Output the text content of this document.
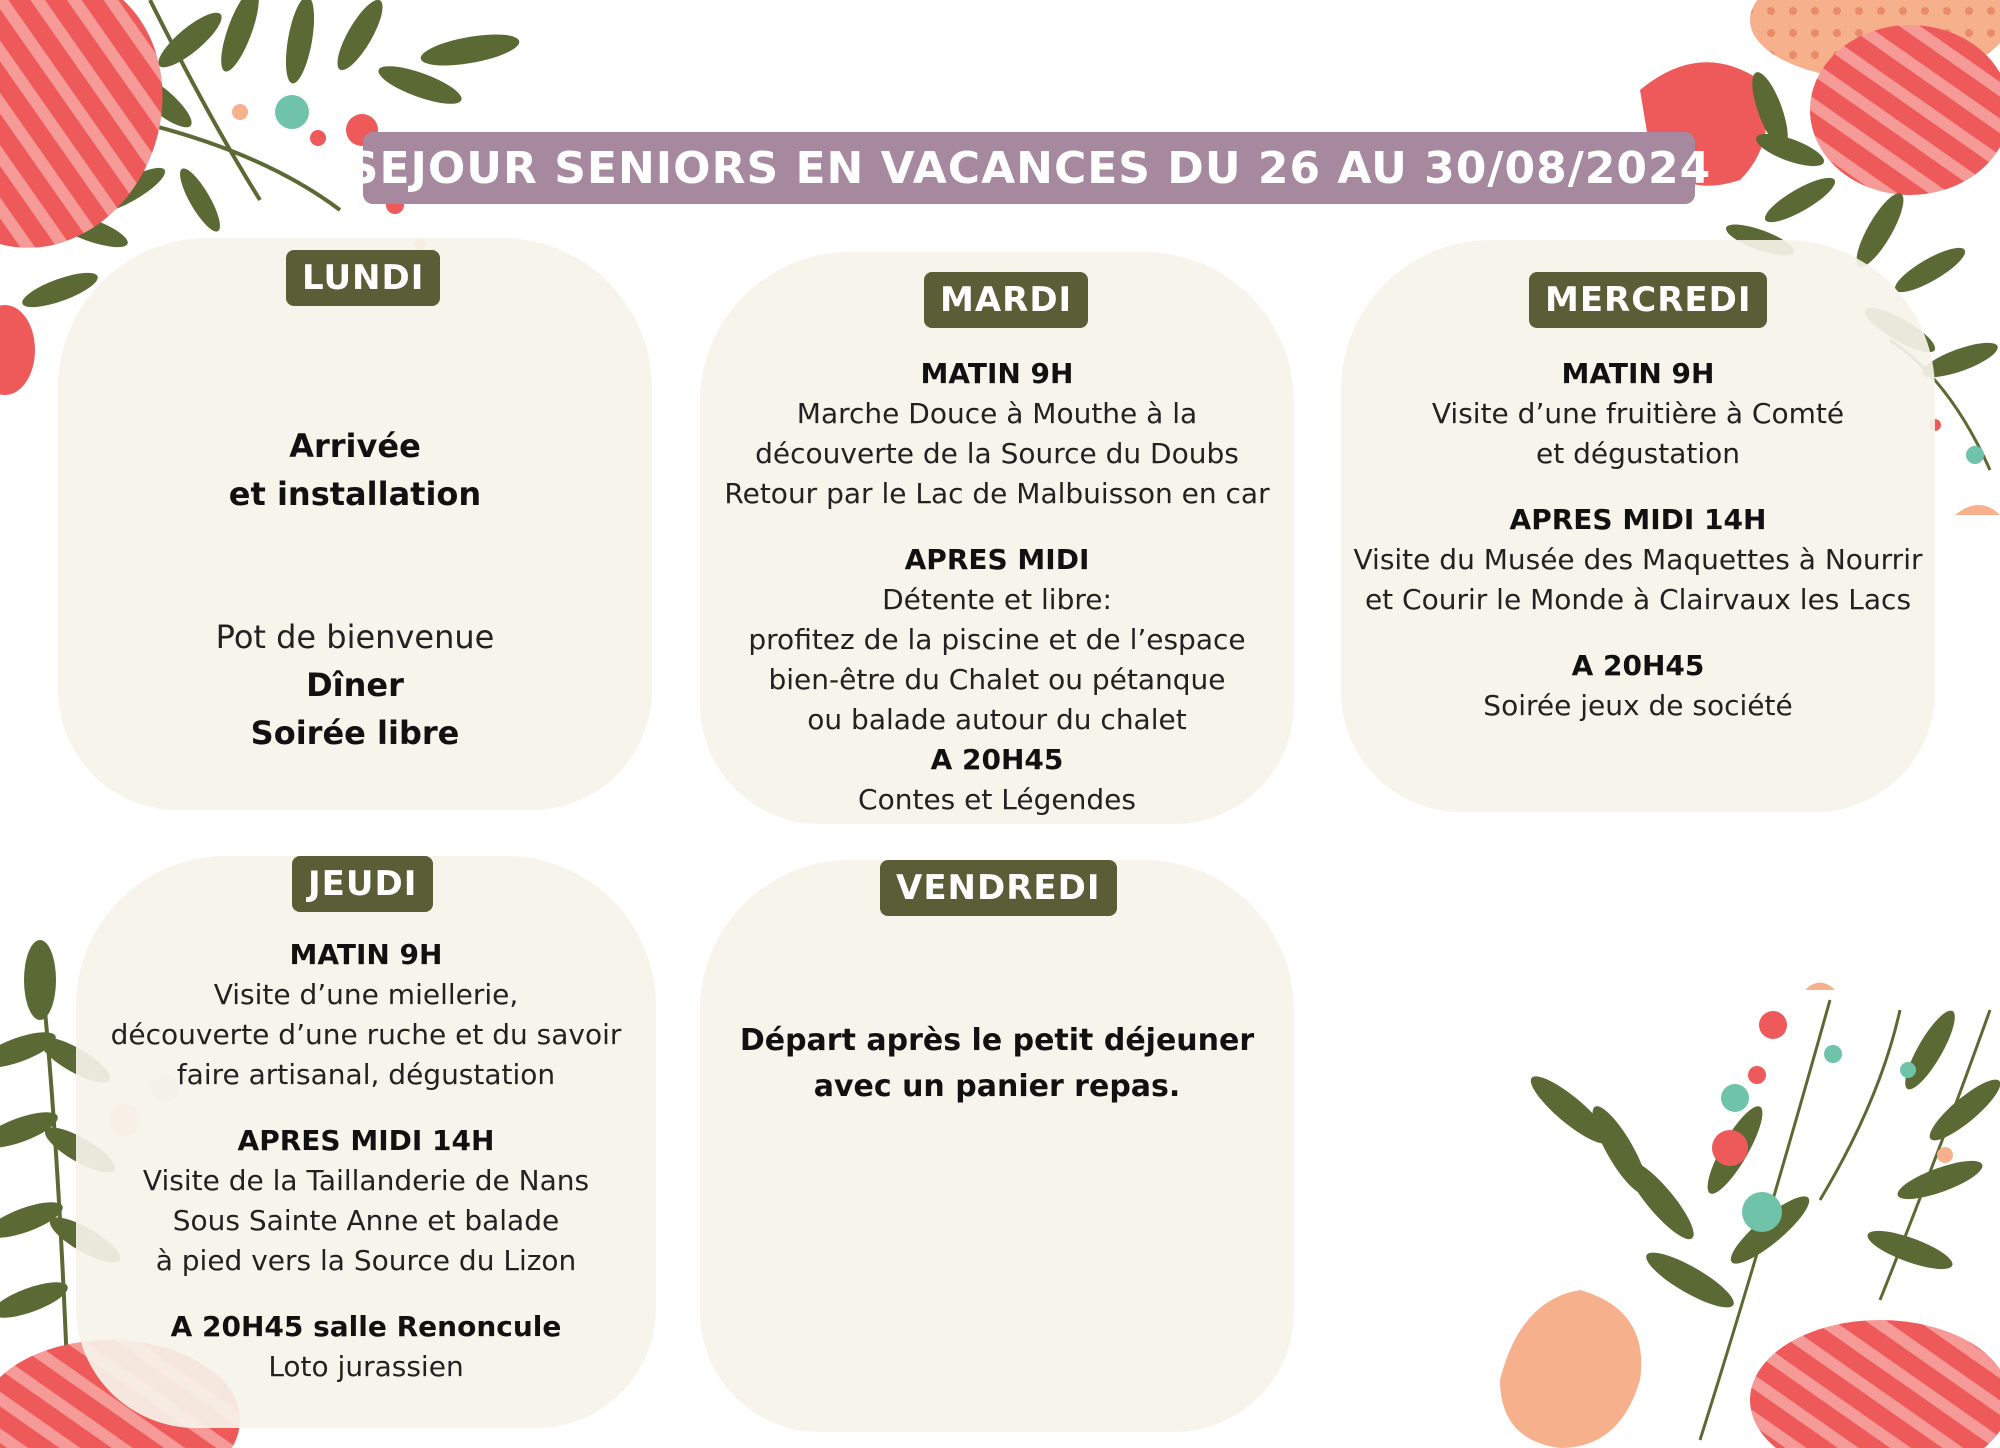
SEJOUR SENIORS EN VACANCES DU 26 AU 30/08/2024
LUNDI
Arrivée
et installation
Pot de bienvenue
Dîner
Soirée libre
MARDI
MATIN 9H
Marche Douce à Mouthe à la
découverte de la Source du Doubs
Retour par le Lac de Malbuisson en car
APRES MIDI
Détente et libre:
profitez de la piscine et de l’espace
bien-être du Chalet ou pétanque
ou balade autour du chalet
A 20H45
Contes et Légendes
MERCREDI
MATIN 9H
Visite d’une fruitière à Comté
et dégustation
APRES MIDI 14H
Visite du Musée des Maquettes à Nourrir
et Courir le Monde à Clairvaux les Lacs
A 20H45
Soirée jeux de société
JEUDI
MATIN 9H
Visite d’une miellerie,
découverte d’une ruche et du savoir
faire artisanal, dégustation
APRES MIDI 14H
Visite de la Taillanderie de Nans
Sous Sainte Anne et balade
à pied vers la Source du Lizon
A 20H45 salle Renoncule
Loto jurassien
VENDREDI
Départ après le petit déjeuner
avec un panier repas.
